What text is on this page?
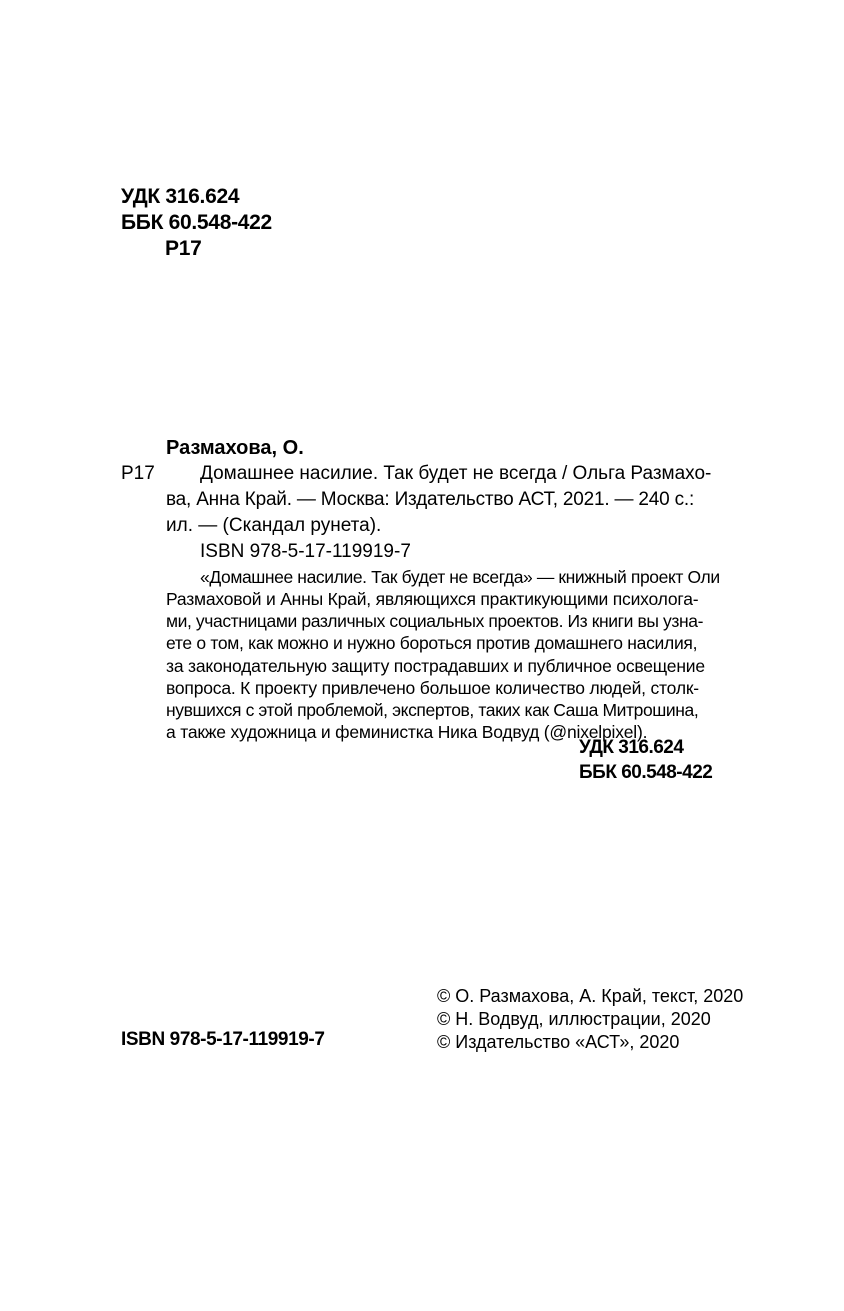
УДК 316.624
ББК 60.548-422
Р17
Размахова, О.
Р17 Домашнее насилие. Так будет не всегда / Ольга Размахо-
ва, Анна Край. — Москва: Издательство АСТ, 2021. — 240 с.:
ил. — (Скандал рунета).
ISBN 978-5-17-119919-7
«Домашнее насилие. Так будет не всегда» — книжный проект Оли
Размаховой и Анны Край, являющихся практикующими психолога-
ми, участницами различных социальных проектов. Из книги вы узна-
ете о том, как можно и нужно бороться против домашнего насилия,
за законодательную защиту пострадавших и публичное освещение
вопроса. К проекту привлечено большое количество людей, столк-
нувшихся с этой проблемой, экспертов, таких как Саша Митрошина,
а также художница и феминистка Ника Водвуд (@nixelpixel).
УДК 316.624
ББК 60.548-422
ISBN 978-5-17-119919-7
© О. Размахова, А. Край, текст, 2020
© Н. Водвуд, иллюстрации, 2020
© Издательство «АСТ», 2020
